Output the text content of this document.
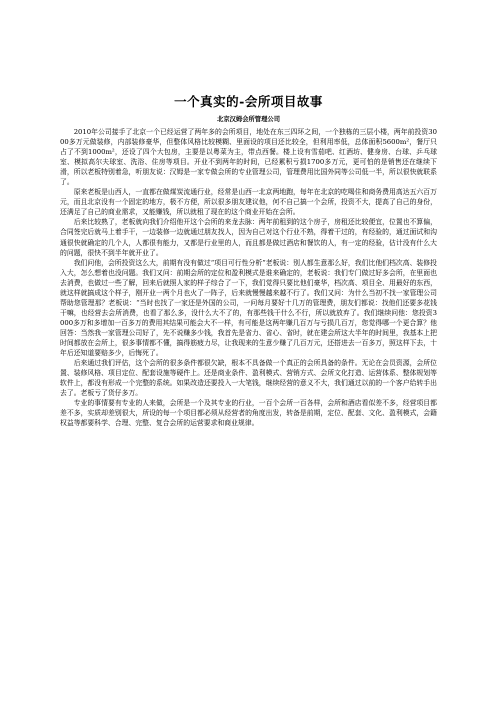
一个真实的-会所项目故事
北京汉姆会所管理公司

2010年公司接手了北京一个已经运营了两年多的会所项目，地处在东三四环之间，一个独栋的三层小楼，两年前投资3000多万元做装修，内部装修豪华，但整体风格比较模糊、里面设的项目还比较全，但利用率低，总体面积5600m²，餐厅只占了不到1000m²，还设了四个大包房，主要是以粤菜为主，带点西餐。楼上设有雪茄吧、红酒坊、健身房、台球、乒乓球室、模拟高尔夫球室、洗浴、住房等项目。开业不到两年的时间，已经累积亏损1700多万元，更可怕的是销售还在继续下滑，所以老板特别着急，听朋友说：汉姆是一家专做会所的专业管理公司，管理费用比国外同等公司低一半，所以很快就联系了。

原来老板是山西人，一直都在做煤炭流通行业，经常是山西一北京两地跑，每年在北京的吃喝住和商务费用高达五六百万元，而且北京没有一个固定的地方，极不方便，所以很多朋友建议他，何不自己搞一个会所，投资不大，提高了自己的身份，还满足了自己的商业需求，又能赚钱，所以就租了现在的这个商业开始在会所。

后来比较熟了，老板就向我们介绍他开这个会所的来龙去脉：两年前租到的这个房子，房租还比较便宜，位置也不算偏，合同签完后就马上着手干，一边装修一边就通过朋友找人，因为自己对这个行业不熟，得着干过的，有经验的，通过面试和沟通很快就确定的几个人，人都很有能力，又都是行业里的人，而且都是做过酒店和餐饮的人，有一定的经验，估计没有什么大的问题，很快不到半年就开业了。

我们问他，会所投资这么大，前期有没有做过“项目可行性分析”老板说：别人都生意那么好，我们比他们档次高、装修投入大，怎么想着也没问题。我们又问：前期会所的定位和盈利模式是谁来确定的，老板说：我们专门做过好多会所，在里面也去消费，也做过一些了解，回来后就照人家的样子综合了一下，我们觉得只要比他们豪华，档次高、项目全、用最好的东西，就这样就搞成这个样子，刚开业一两个月也火了一阵子，后来就慢慢越来越不行了。我们又问：为什么当初不找一家管理公司帮助您管理那？老板说：“当时也找了一家还是外国的公司，一问每月要好十几万的管理费，朋友们都说：找他们还要多花钱干嘛，也经营去会所消费，也看了那么多，没什么大不了的，有那些钱干什么不行，所以就放弃了。我们继续问他：您投资3000多万和多增加一百多万的费用其结果可能会大不一样，有可能是这两年赚几百万与亏损几百万，您觉得哪一个更合算？他回答：当然我一家管理公司好了，先不说赚多少钱，我首先是省力、省心、省时，就在建会所这大半年的时间里，我基本上把时间都放在会所上，很多事情都不懂，搞得筋疲力尽，让我现来的生意少赚了几百万元，还搭进去一百多万，照这样下去，十年后还知道要赔多少，后悔死了。

后来通过我们评估，这个会所的很多条件都很欠缺，根本不具备做一个真正的会所具备的条件。无论在会员资源，会所位置、装修风格、项目定位、配套设施等硬件上。还是商业条件、盈利模式、营销方式、会所文化打造、运营体系、整体规划等软件上，都没有形成一个完整的系统。如果改造还要投入一大笔钱，继续经营的意义不大，我们通过以前的一个客户给转手出去了。老板亏了货仔多万。

专业的事情要有专业的人来做，会所是一个及其专业的行业，一百个会所一百各样，会所和酒店看似差不多，经营项目都差不多，实质却差别很大，所设的每一个项目都必须从经营者的角度出发，转备是前期，定位、配套、文化、盈利模式，会籍权益等都要科学、合理、完整、复合会所的运营要求和商业规律。
